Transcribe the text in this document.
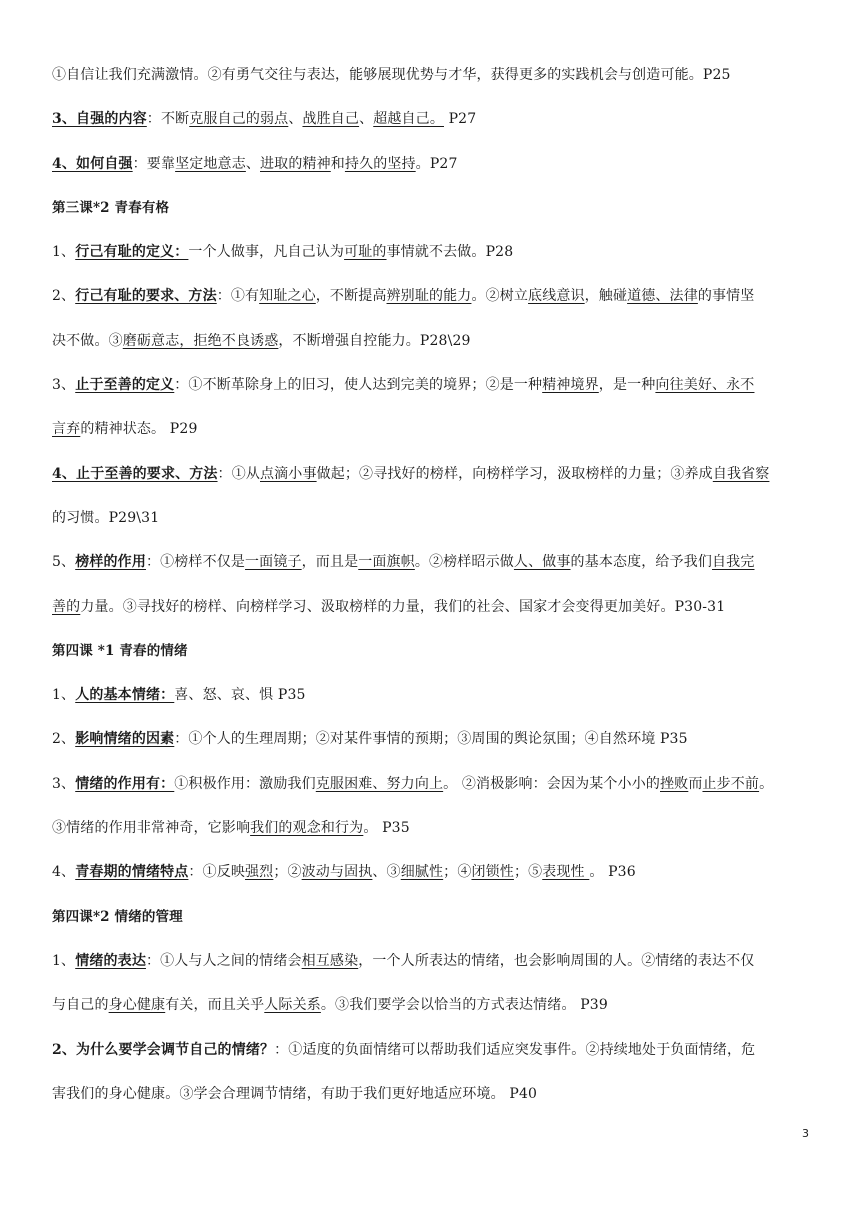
①自信让我们充满激情。②有勇气交往与表达，能够展现优势与才华，获得更多的实践机会与创造可能。P25
3、自强的内容：不断克服自己的弱点、战胜自己、超越自己。 P27
4、如何自强：要靠坚定地意志、进取的精神和持久的坚持。P27
第三课*2 青春有格
1、行己有耻的定义：一个人做事，凡自己认为可耻的事情就不去做。P28
2、行己有耻的要求、方法：①有知耻之心，不断提高辨别耻的能力。②树立底线意识，触碰道德、法律的事情坚
决不做。③磨砺意志，拒绝不良诱惑，不断增强自控能力。P28\29
3、止于至善的定义：①不断革除身上的旧习，使人达到完美的境界；②是一种精神境界，是一种向往美好、永不
言弃的精神状态。 P29
4、止于至善的要求、方法：①从点滴小事做起；②寻找好的榜样，向榜样学习，汲取榜样的力量；③养成自我省察
的习惯。P29\31
5、榜样的作用：①榜样不仅是一面镜子，而且是一面旗帜。②榜样昭示做人、做事的基本态度，给予我们自我完
善的力量。③寻找好的榜样、向榜样学习、汲取榜样的力量，我们的社会、国家才会变得更加美好。P30-31
第四课 *1 青春的情绪
1、人的基本情绪：喜、怒、哀、惧 P35
2、影响情绪的因素：①个人的生理周期；②对某件事情的预期；③周围的舆论氛围；④自然环境 P35
3、情绪的作用有：①积极作用：激励我们克服困难、努力向上。 ②消极影响：会因为某个小小的挫败而止步不前。
③情绪的作用非常神奇，它影响我们的观念和行为。 P35
4、青春期的情绪特点：①反映强烈；②波动与固执、③细腻性；④闭锁性；⑤表现性 。 P36
第四课*2 情绪的管理
1、情绪的表达：①人与人之间的情绪会相互感染，一个人所表达的情绪，也会影响周围的人。②情绪的表达不仅
与自己的身心健康有关，而且关乎人际关系。③我们要学会以恰当的方式表达情绪。 P39
2、为什么要学会调节自己的情绪？：①适度的负面情绪可以帮助我们适应突发事件。②持续地处于负面情绪，危
害我们的身心健康。③学会合理调节情绪，有助于我们更好地适应环境。 P40
3
